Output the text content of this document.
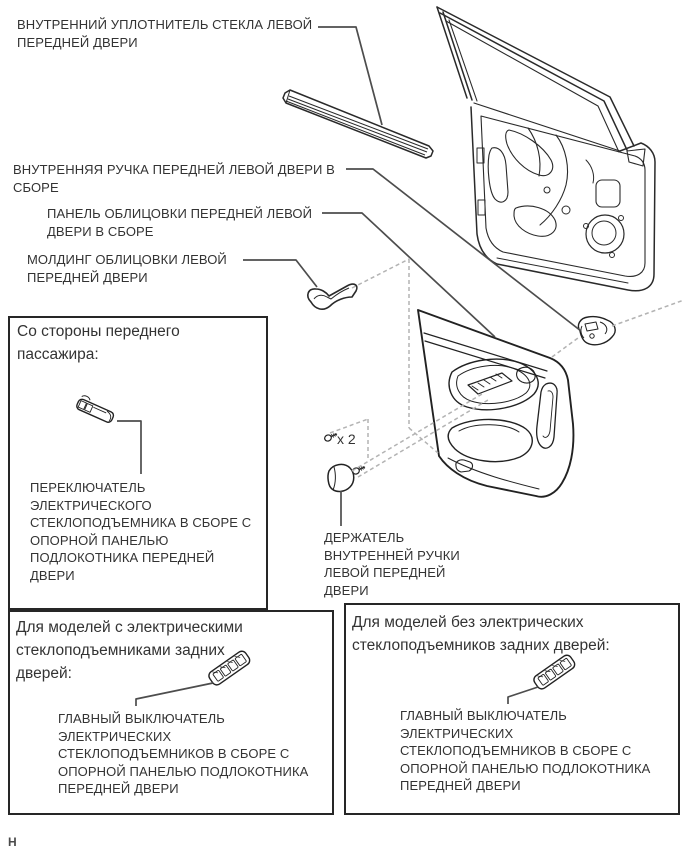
ВНУТРЕННИЙ УПЛОТНИТЕЛЬ СТЕКЛА ЛЕВОЙ
ПЕРЕДНЕЙ ДВЕРИ
ВНУТРЕННЯЯ РУЧКА ПЕРЕДНЕЙ ЛЕВОЙ ДВЕРИ В
СБОРЕ
ПАНЕЛЬ ОБЛИЦОВКИ ПЕРЕДНЕЙ ЛЕВОЙ
ДВЕРИ В СБОРЕ
МОЛДИНГ ОБЛИЦОВКИ ЛЕВОЙ
ПЕРЕДНЕЙ ДВЕРИ
ДЕРЖАТЕЛЬ
ВНУТРЕННЕЙ РУЧКИ
ЛЕВОЙ ПЕРЕДНЕЙ
ДВЕРИ
x 2
Со стороны переднего
пассажира:
ПЕРЕКЛЮЧАТЕЛЬ
ЭЛЕКТРИЧЕСКОГО
СТЕКЛОПОДЪЕМНИКА В СБОРЕ С
ОПОРНОЙ ПАНЕЛЬЮ
ПОДЛОКОТНИКА ПЕРЕДНЕЙ
ДВЕРИ
Для моделей с электрическими
стеклоподъемниками задних
дверей:
ГЛАВНЫЙ ВЫКЛЮЧАТЕЛЬ
ЭЛЕКТРИЧЕСКИХ
СТЕКЛОПОДЪЕМНИКОВ В СБОРЕ С
ОПОРНОЙ ПАНЕЛЬЮ ПОДЛОКОТНИКА
ПЕРЕДНЕЙ ДВЕРИ
Для моделей без электрических
стеклоподъемников задних дверей:
ГЛАВНЫЙ ВЫКЛЮЧАТЕЛЬ
ЭЛЕКТРИЧЕСКИХ
СТЕКЛОПОДЪЕМНИКОВ В СБОРЕ С
ОПОРНОЙ ПАНЕЛЬЮ ПОДЛОКОТНИКА
ПЕРЕДНЕЙ ДВЕРИ
Н
